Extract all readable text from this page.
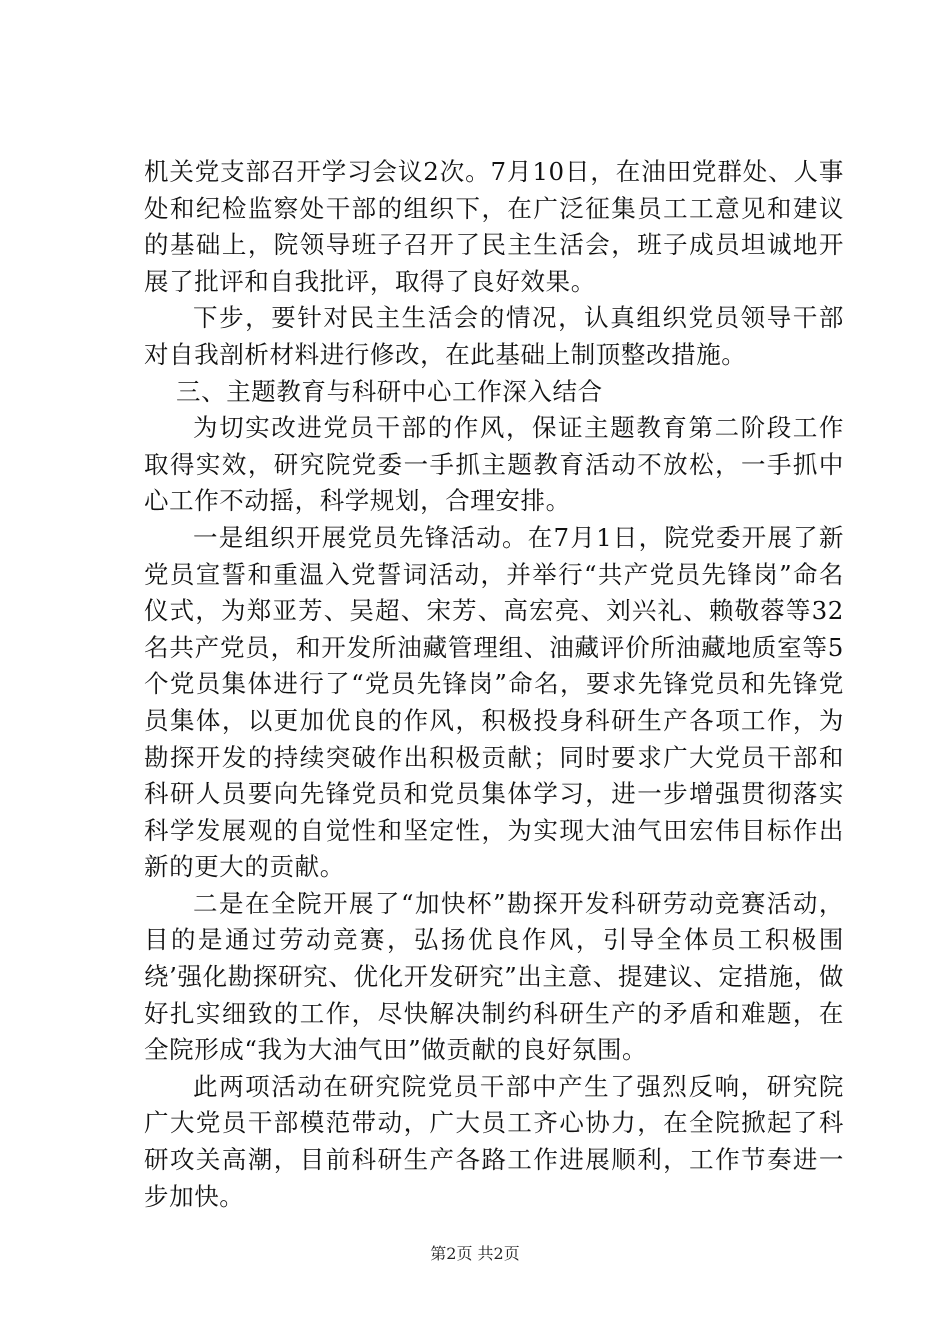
机关党支部召开学习会议2次。7月10日，在油田党群处、人事处和纪检监察处干部的组织下，在广泛征集员工工意见和建议的基础上，院领导班子召开了民主生活会，班子成员坦诚地开展了批评和自我批评，取得了良好效果。

下步，要针对民主生活会的情况，认真组织党员领导干部对自我剖析材料进行修改，在此基础上制顶整改措施。

三、主题教育与科研中心工作深入结合

为切实改进党员干部的作风，保证主题教育第二阶段工作取得实效，研究院党委一手抓主题教育活动不放松，一手抓中心工作不动摇，科学规划，合理安排。

一是组织开展党员先锋活动。在7月1日，院党委开展了新党员宣誓和重温入党誓词活动，并举行“共产党员先锋岗”命名仪式，为郑亚芳、吴超、宋芳、高宏亮、刘兴礼、赖敬蓉等32名共产党员，和开发所油藏管理组、油藏评价所油藏地质室等5个党员集体进行了“党员先锋岗”命名，要求先锋党员和先锋党员集体，以更加优良的作风，积极投身科研生产各项工作，为勘探开发的持续突破作出积极贡献；同时要求广大党员干部和科研人员要向先锋党员和党员集体学习，进一步增强贯彻落实科学发展观的自觉性和坚定性，为实现大油气田宏伟目标作出新的更大的贡献。

二是在全院开展了“加快杯”勘探开发科研劳动竞赛活动，目的是通过劳动竞赛，弘扬优良作风，引导全体员工积极围绕’强化勘探研究、优化开发研究”出主意、提建议、定措施，做好扎实细致的工作，尽快解决制约科研生产的矛盾和难题，在全院形成“我为大油气田”做贡献的良好氛围。

此两项活动在研究院党员干部中产生了强烈反响，研究院广大党员干部模范带动，广大员工齐心协力，在全院掀起了科研攻关高潮，目前科研生产各路工作进展顺利，工作节奏进一步加快。

第2页 共2页
